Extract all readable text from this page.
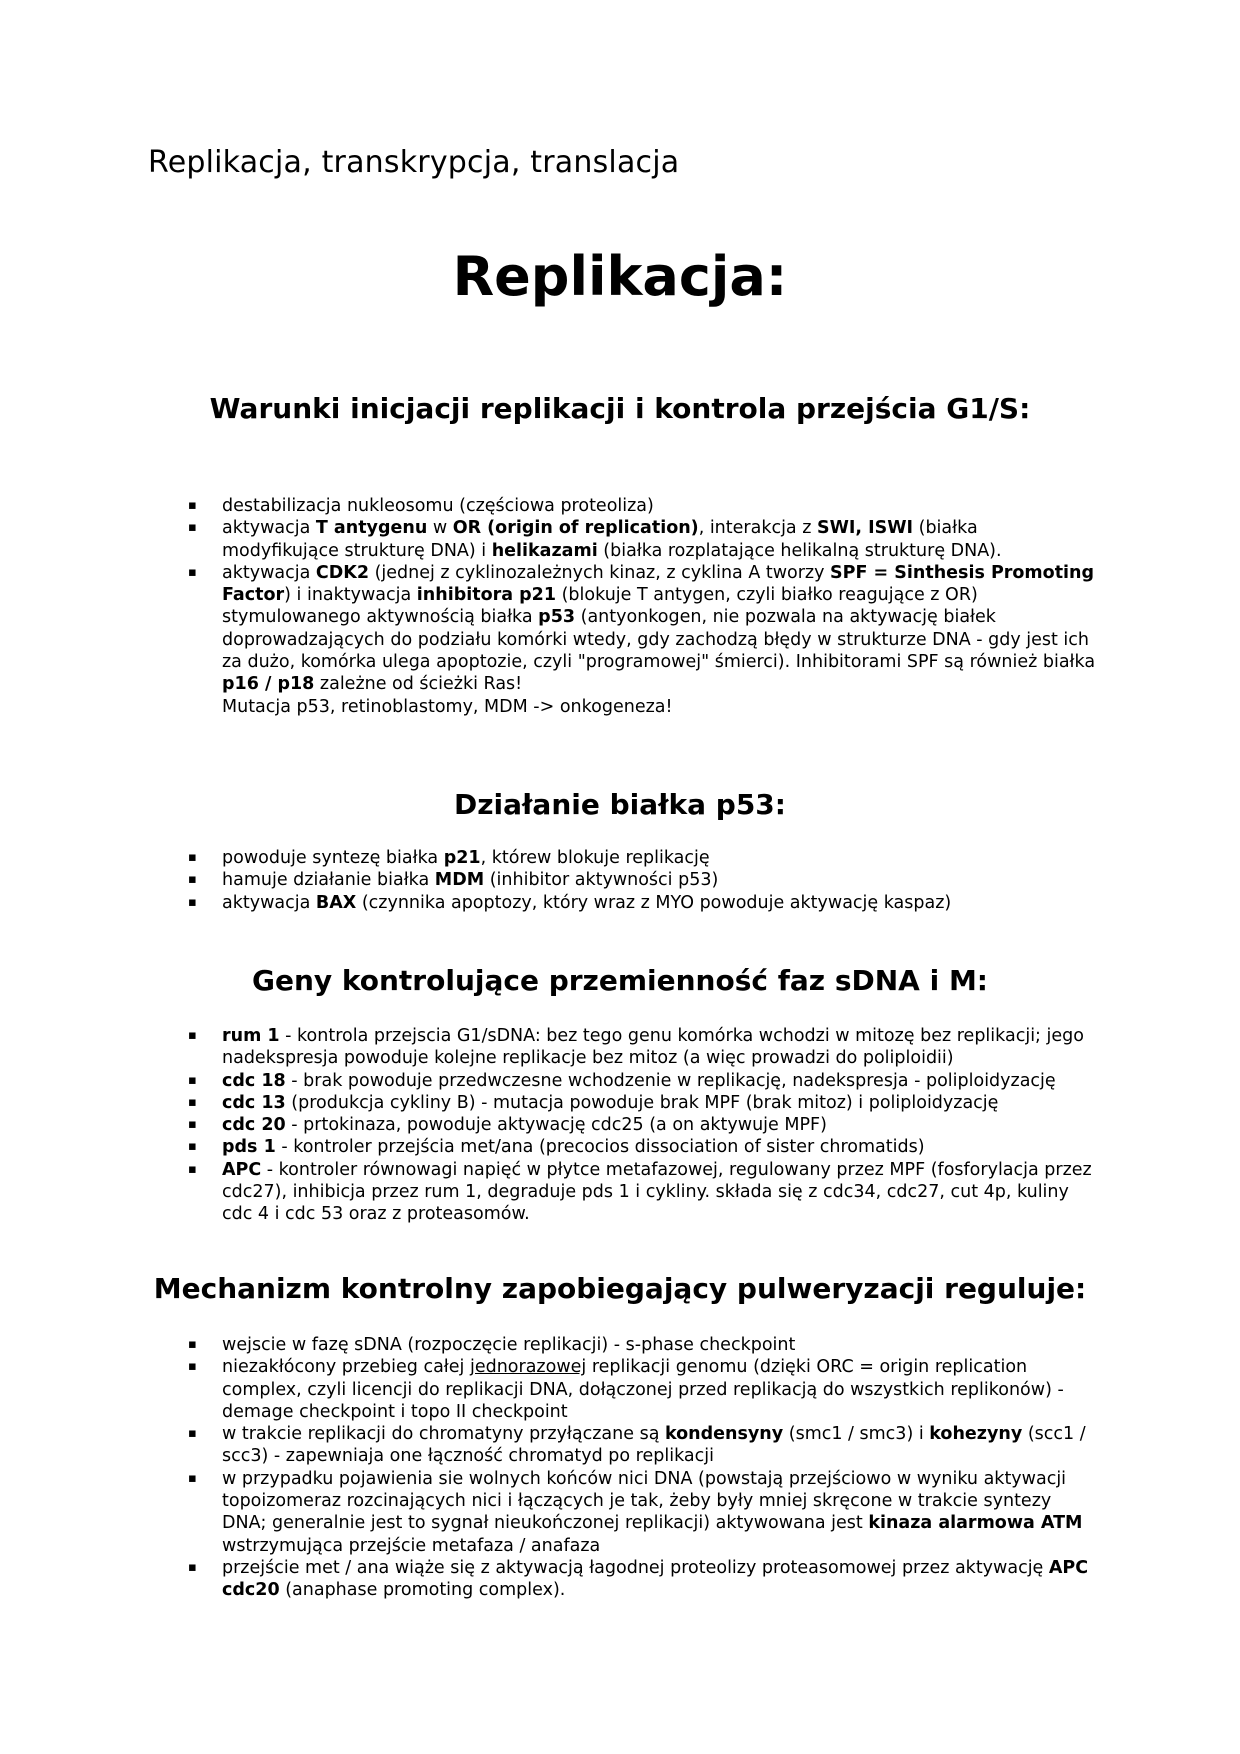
Replikacja, transkrypcja, translacja
Replikacja:
Warunki inicjacji replikacji i kontrola przejścia G1/S:
▪ destabilizacja nukleosomu (częściowa proteoliza)
▪ aktywacja T antygenu w OR (origin of replication), interakcja z SWI, ISWI (białka modyfikujące strukturę DNA) i helikazami (białka rozplatające helikalną strukturę DNA).
▪ aktywacja CDK2 (jednej z cyklinozależnych kinaz, z cyklina A tworzy SPF = Sinthesis Promoting Factor) i inaktywacja inhibitora p21 (blokuje T antygen, czyli białko reagujące z OR) stymulowanego aktywnością białka p53 (antyonkogen, nie pozwala na aktywację białek doprowadzających do podziału komórki wtedy, gdy zachodzą błędy w strukturze DNA - gdy jest ich za dużo, komórka ulega apoptozie, czyli "programowej" śmierci). Inhibitorami SPF są również białka p16 / p18 zależne od ścieżki Ras!
Mutacja p53, retinoblastomy, MDM -> onkogeneza!
Działanie białka p53:
▪ powoduje syntezę białka p21, którew blokuje replikację
▪ hamuje działanie białka MDM (inhibitor aktywności p53)
▪ aktywacja BAX (czynnika apoptozy, który wraz z MYO powoduje aktywację kaspaz)
Geny kontrolujące przemienność faz sDNA i M:
▪ rum 1 - kontrola przejscia G1/sDNA: bez tego genu komórka wchodzi w mitozę bez replikacji; jego nadekspresja powoduje kolejne replikacje bez mitoz (a więc prowadzi do poliploidii)
▪ cdc 18 - brak powoduje przedwczesne wchodzenie w replikację, nadekspresja - poliploidyzację
▪ cdc 13 (produkcja cykliny B) - mutacja powoduje brak MPF (brak mitoz) i poliploidyzację
▪ cdc 20 - prtokinaza, powoduje aktywację cdc25 (a on aktywuje MPF)
▪ pds 1 - kontroler przejścia met/ana (precocios dissociation of sister chromatids)
▪ APC - kontroler równowagi napięć w płytce metafazowej, regulowany przez MPF (fosforylacja przez cdc27), inhibicja przez rum 1, degraduje pds 1 i cykliny. składa się z cdc34, cdc27, cut 4p, kuliny cdc 4 i cdc 53 oraz z proteasomów.
Mechanizm kontrolny zapobiegający pulweryzacji reguluje:
▪ wejscie w fazę sDNA (rozpoczęcie replikacji) - s-phase checkpoint
▪ niezakłócony przebieg całej jednorazowej replikacji genomu (dzięki ORC = origin replication complex, czyli licencji do replikacji DNA, dołączonej przed replikacją do wszystkich replikonów) - demage checkpoint i topo II checkpoint
▪ w trakcie replikacji do chromatyny przyłączane są kondensyny (smc1 / smc3) i kohezyny (scc1 / scc3) - zapewniaja one łączność chromatyd po replikacji
▪ w przypadku pojawienia sie wolnych końców nici DNA (powstają przejściowo w wyniku aktywacji topoizomeraz rozcinających nici i łączących je tak, żeby były mniej skręcone w trakcie syntezy DNA; generalnie jest to sygnał nieukończonej replikacji) aktywowana jest kinaza alarmowa ATM wstrzymująca przejście metafaza / anafaza
▪ przejście met / ana wiąże się z aktywacją łagodnej proteolizy proteasomowej przez aktywację APC cdc20 (anaphase promoting complex).
